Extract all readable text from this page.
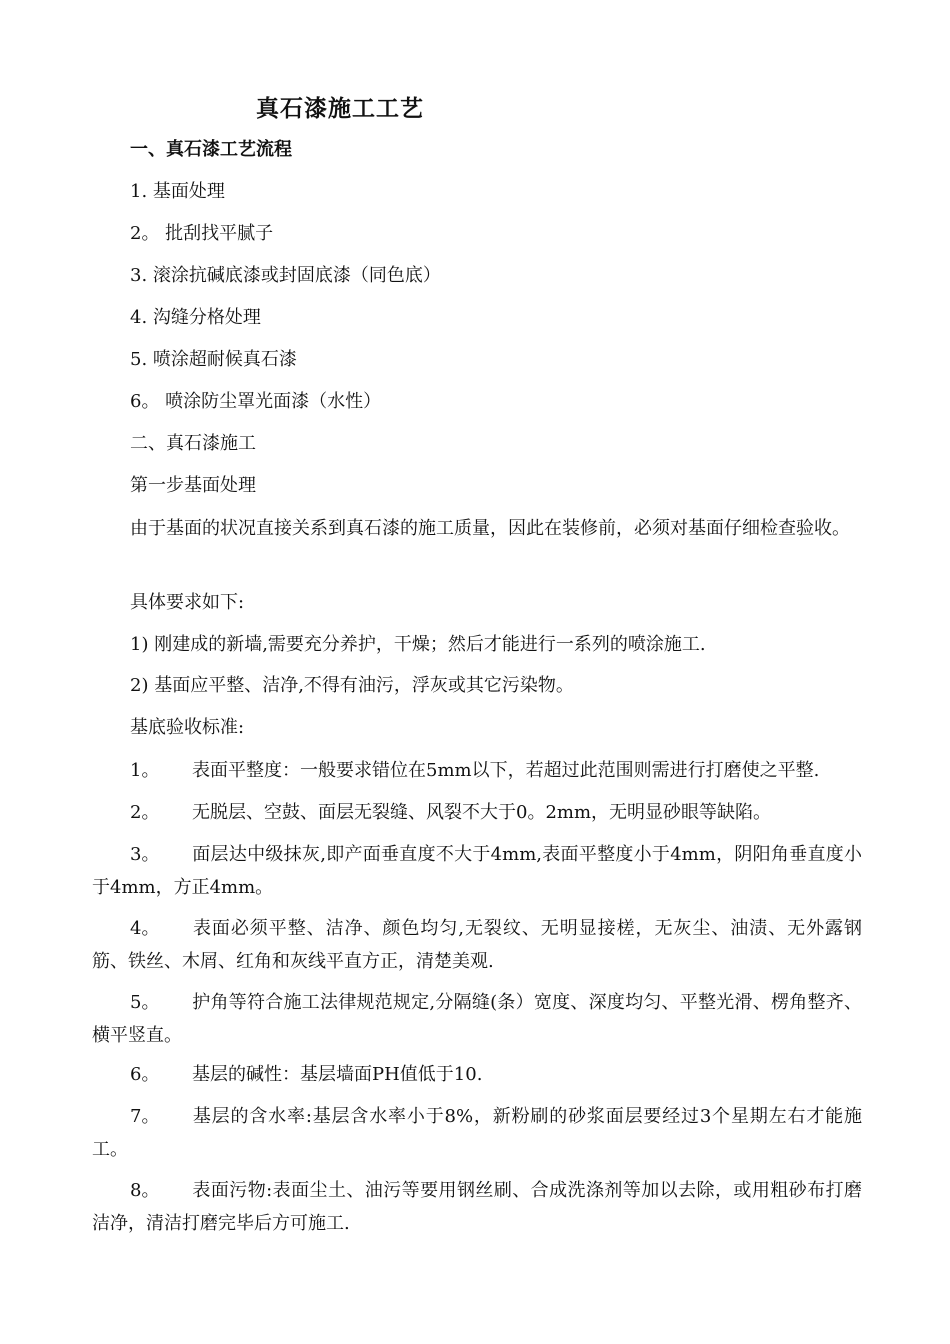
真石漆施工工艺
一、真石漆工艺流程
1. 基面处理
2。 批刮找平腻子
3. 滚涂抗碱底漆或封固底漆（同色底）
4. 沟缝分格处理
5. 喷涂超耐候真石漆
6。 喷涂防尘罩光面漆（水性）
二、真石漆施工
第一步基面处理
由于基面的状况直接关系到真石漆的施工质量，因此在装修前，必须对基面仔细检查验收。
具体要求如下:
1) 刚建成的新墙,需要充分养护，干燥；然后才能进行一系列的喷涂施工.
2) 基面应平整、洁净,不得有油污，浮灰或其它污染物。
基底验收标准:
1。 表面平整度：一般要求错位在5mm以下，若超过此范围则需进行打磨使之平整.
2。 无脱层、空鼓、面层无裂缝、风裂不大于0。2mm，无明显砂眼等缺陷。
3。 面层达中级抹灰,即产面垂直度不大于4mm,表面平整度小于4mm，阴阳角垂直度小于4mm，方正4mm。
4。 表面必须平整、洁净、颜色均匀,无裂纹、无明显接槎，无灰尘、油渍、无外露钢筋、铁丝、木屑、红角和灰线平直方正，清楚美观.
5。 护角等符合施工法律规范规定,分隔缝(条）宽度、深度均匀、平整光滑、楞角整齐、横平竖直。
6。 基层的碱性：基层墙面PH值低于10.
7。 基层的含水率:基层含水率小于8%，新粉刷的砂浆面层要经过3个星期左右才能施工。
8。 表面污物:表面尘土、油污等要用钢丝刷、合成洗涤剂等加以去除，或用粗砂布打磨洁净，清洁打磨完毕后方可施工.
